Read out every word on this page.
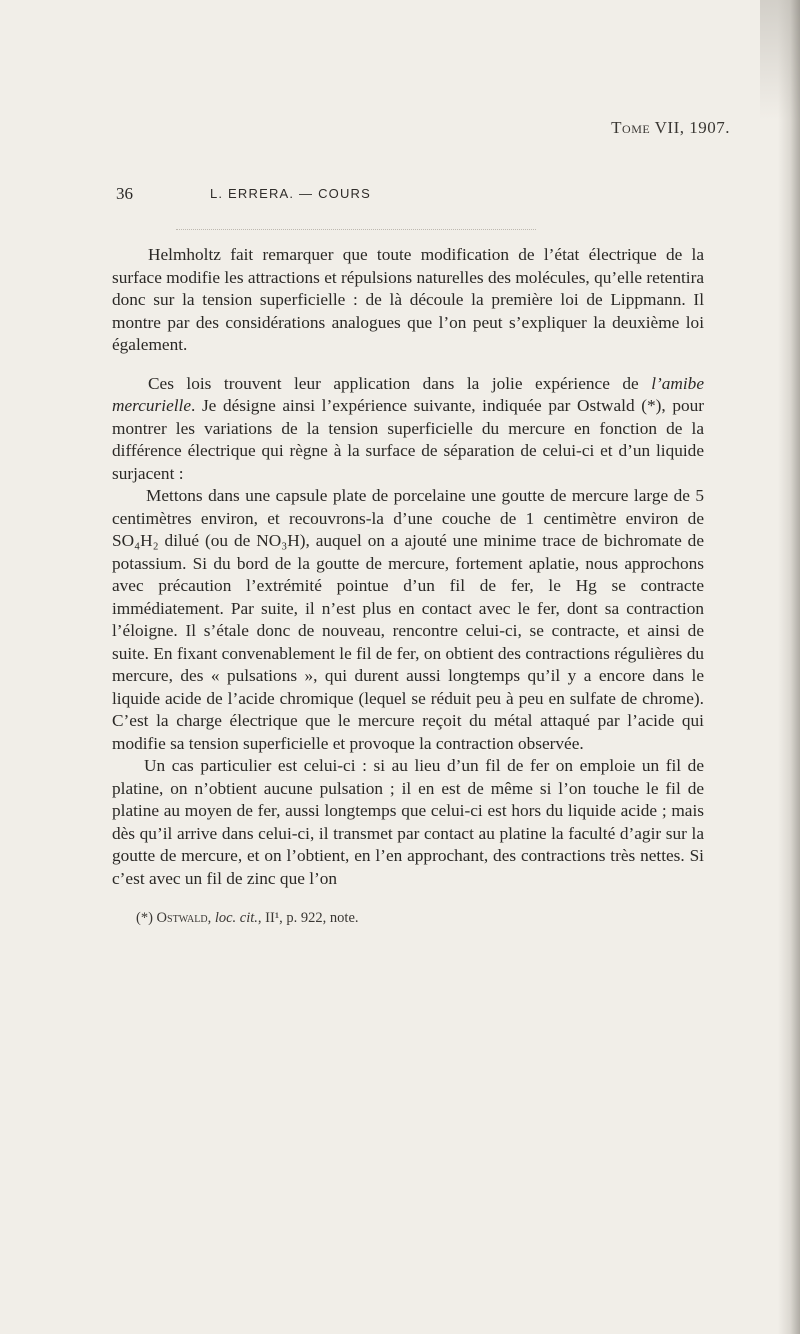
Tome VII, 1907.
36	L. ERRERA. — COURS

Helmholtz fait remarquer que toute modification de l’état électrique de la surface modifie les attractions et répulsions naturelles des molécules, qu’elle retentira donc sur la tension superficielle : de là découle la première loi de Lippmann. Il montre par des considérations analogues que l’on peut s’expliquer la deuxième loi également.

Ces lois trouvent leur application dans la jolie expérience de l’amibe mercurielle. Je désigne ainsi l’expérience suivante, indiquée par Ostwald (*), pour montrer les variations de la tension superficielle du mercure en fonction de la différence électrique qui règne à la surface de séparation de celui-ci et d’un liquide surjacent :

Mettons dans une capsule plate de porcelaine une goutte de mercure large de 5 centimètres environ, et recouvrons-la d’une couche de 1 centimètre environ de SO₄H₂ dilué (ou de NO₃H), auquel on a ajouté une minime trace de bichromate de potassium. Si du bord de la goutte de mercure, fortement aplatie, nous approchons avec précaution l’extrémité pointue d’un fil de fer, le Hg se contracte immédiatement. Par suite, il n’est plus en contact avec le fer, dont sa contraction l’éloigne. Il s’étale donc de nouveau, rencontre celui-ci, se contracte, et ainsi de suite. En fixant convenablement le fil de fer, on obtient des contractions régulières du mercure, des « pulsations », qui durent aussi longtemps qu’il y a encore dans le liquide acide de l’acide chromique (lequel se réduit peu à peu en sulfate de chrome). C’est la charge électrique que le mercure reçoit du métal attaqué par l’acide qui modifie sa tension superficielle et provoque la contraction observée.

Un cas particulier est celui-ci : si au lieu d’un fil de fer on emploie un fil de platine, on n’obtient aucune pulsation ; il en est de même si l’on touche le fil de platine au moyen de fer, aussi longtemps que celui-ci est hors du liquide acide ; mais dès qu’il arrive dans celui-ci, il transmet par contact au platine la faculté d’agir sur la goutte de mercure, et on l’obtient, en l’en approchant, des contractions très nettes. Si c’est avec un fil de zinc que l’on

(*) Ostwald, loc. cit., II¹, p. 922, note.
